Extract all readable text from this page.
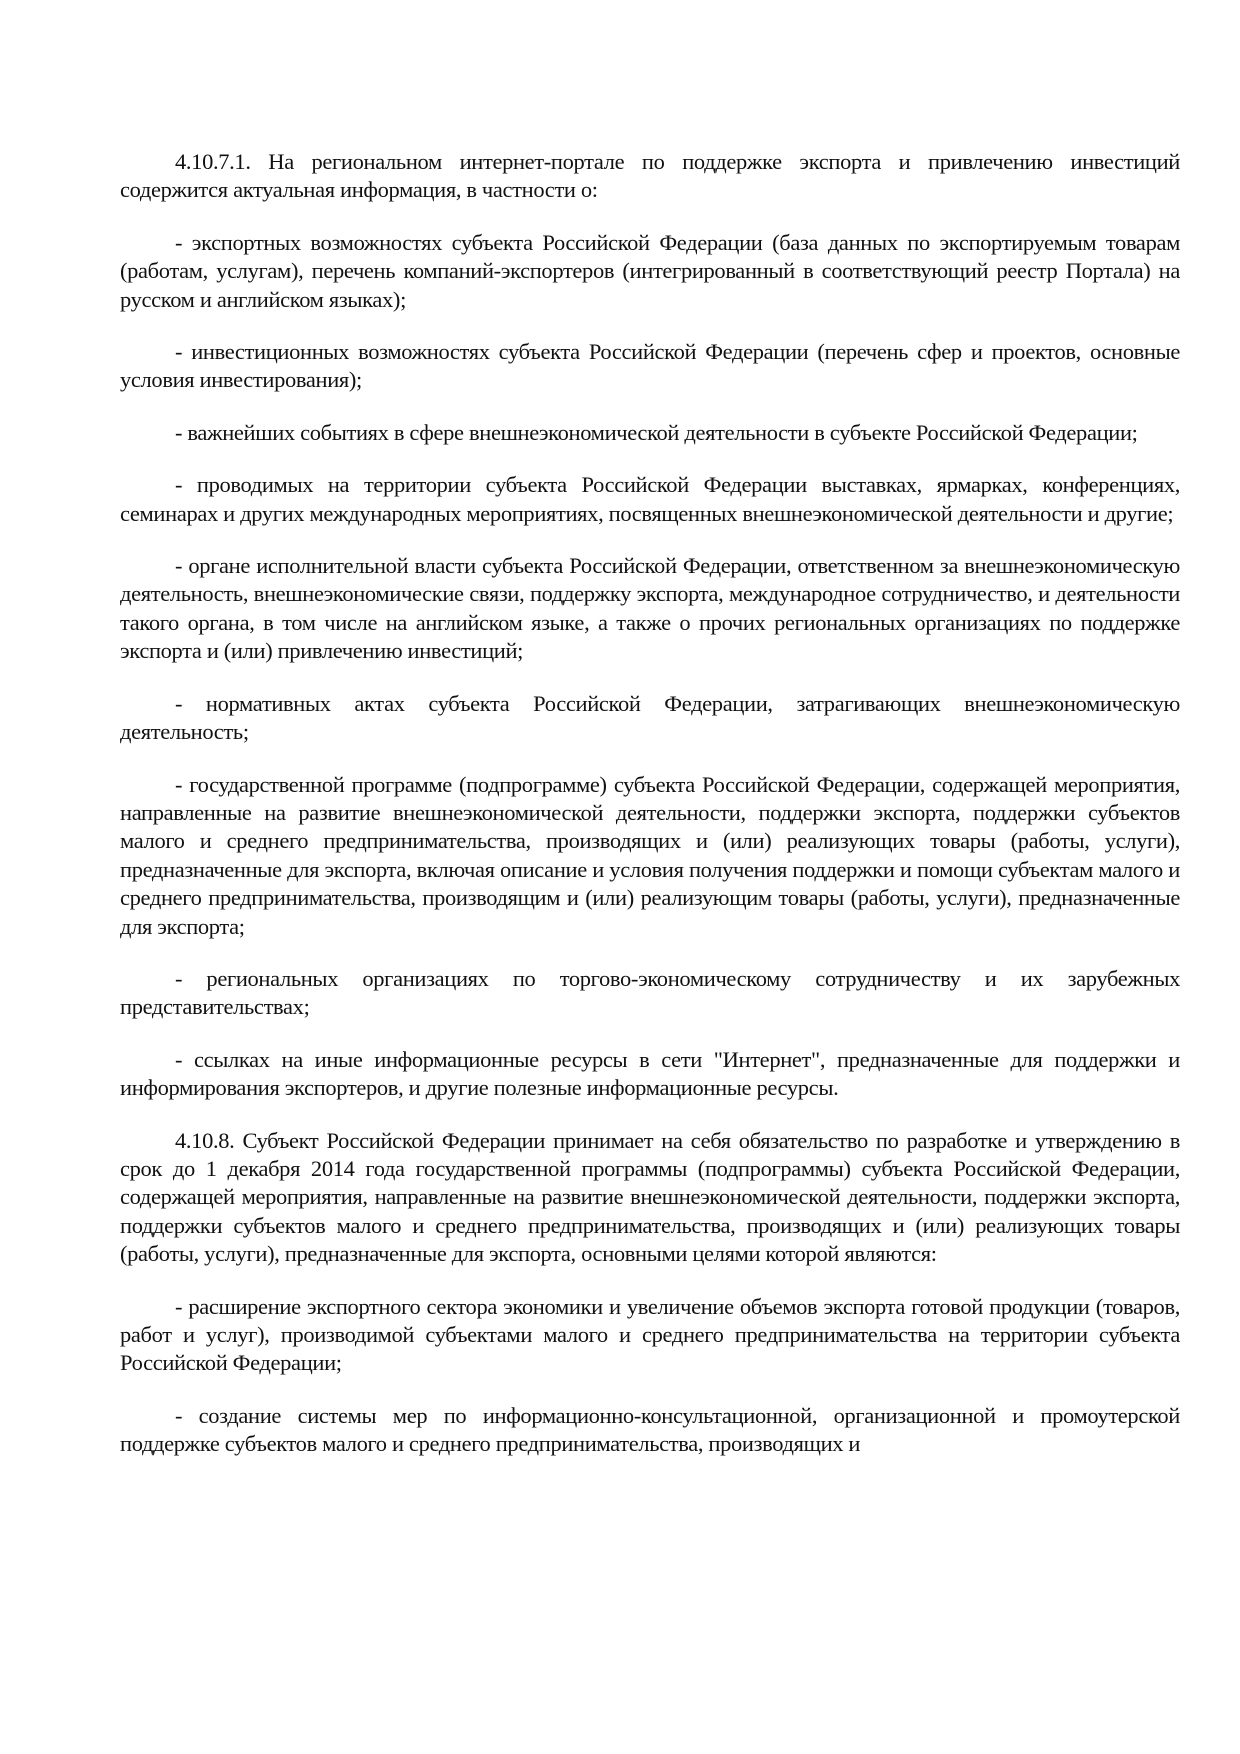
4.10.7.1. На региональном интернет-портале по поддержке экспорта и привлечению инвестиций содержится актуальная информация, в частности о:

- экспортных возможностях субъекта Российской Федерации (база данных по экспортируемым товарам (работам, услугам), перечень компаний-экспортеров (интегрированный в соответствующий реестр Портала) на русском и английском языках);

- инвестиционных возможностях субъекта Российской Федерации (перечень сфер и проектов, основные условия инвестирования);

- важнейших событиях в сфере внешнеэкономической деятельности в субъекте Российской Федерации;

- проводимых на территории субъекта Российской Федерации выставках, ярмарках, конференциях, семинарах и других международных мероприятиях, посвященных внешнеэкономической деятельности и другие;

- органе исполнительной власти субъекта Российской Федерации, ответственном за внешнеэкономическую деятельность, внешнеэкономические связи, поддержку экспорта, международное сотрудничество, и деятельности такого органа, в том числе на английском языке, а также о прочих региональных организациях по поддержке экспорта и (или) привлечению инвестиций;

- нормативных актах субъекта Российской Федерации, затрагивающих внешнеэкономическую деятельность;

- государственной программе (подпрограмме) субъекта Российской Федерации, содержащей мероприятия, направленные на развитие внешнеэкономической деятельности, поддержки экспорта, поддержки субъектов малого и среднего предпринимательства, производящих и (или) реализующих товары (работы, услуги), предназначенные для экспорта, включая описание и условия получения поддержки и помощи субъектам малого и среднего предпринимательства, производящим и (или) реализующим товары (работы, услуги), предназначенные для экспорта;

- региональных организациях по торгово-экономическому сотрудничеству и их зарубежных представительствах;

- ссылках на иные информационные ресурсы в сети "Интернет", предназначенные для поддержки и информирования экспортеров, и другие полезные информационные ресурсы.

4.10.8. Субъект Российской Федерации принимает на себя обязательство по разработке и утверждению в срок до 1 декабря 2014 года государственной программы (подпрограммы) субъекта Российской Федерации, содержащей мероприятия, направленные на развитие внешнеэкономической деятельности, поддержки экспорта, поддержки субъектов малого и среднего предпринимательства, производящих и (или) реализующих товары (работы, услуги), предназначенные для экспорта, основными целями которой являются:

- расширение экспортного сектора экономики и увеличение объемов экспорта готовой продукции (товаров, работ и услуг), производимой субъектами малого и среднего предпринимательства на территории субъекта Российской Федерации;

- создание системы мер по информационно-консультационной, организационной и промоутерской поддержке субъектов малого и среднего предпринимательства, производящих и
